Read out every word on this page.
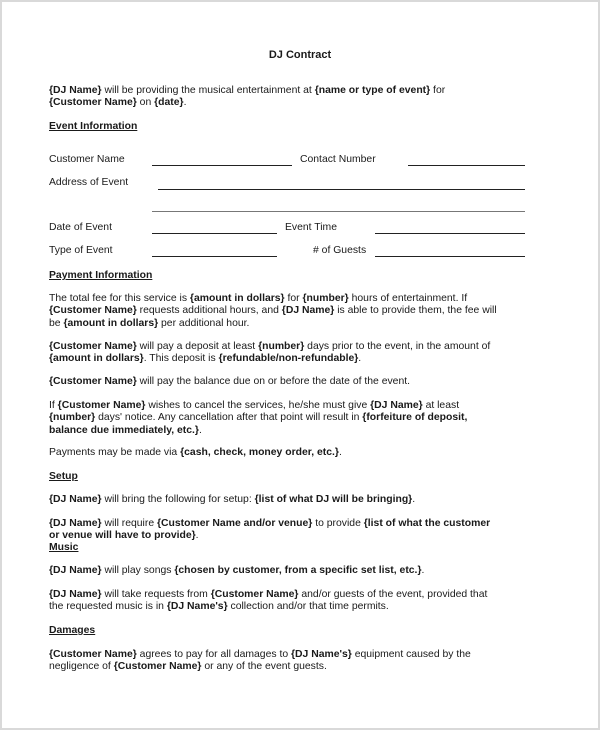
DJ Contract
{DJ Name} will be providing the musical entertainment at {name or type of event} for
{Customer Name} on {date}.
Event Information
Customer Name	Contact Number
Address of Event
Date of Event	Event Time
Type of Event	# of Guests
Payment Information
The total fee for this service is {amount in dollars} for {number} hours of entertainment. If
{Customer Name} requests additional hours, and {DJ Name} is able to provide them, the fee will
be {amount in dollars} per additional hour.
{Customer Name} will pay a deposit at least {number} days prior to the event, in the amount of
{amount in dollars}. This deposit is {refundable/non-refundable}.
{Customer Name} will pay the balance due on or before the date of the event.
If {Customer Name} wishes to cancel the services, he/she must give {DJ Name} at least
{number} days' notice. Any cancellation after that point will result in {forfeiture of deposit,
balance due immediately, etc.}.
Payments may be made via {cash, check, money order, etc.}.
Setup
{DJ Name} will bring the following for setup: {list of what DJ will be bringing}.
{DJ Name} will require {Customer Name and/or venue} to provide {list of what the customer
or venue will have to provide}.
Music
{DJ Name} will play songs {chosen by customer, from a specific set list, etc.}.
{DJ Name} will take requests from {Customer Name} and/or guests of the event, provided that
the requested music is in {DJ Name's} collection and/or that time permits.
Damages
{Customer Name} agrees to pay for all damages to {DJ Name's} equipment caused by the
negligence of {Customer Name} or any of the event guests.
